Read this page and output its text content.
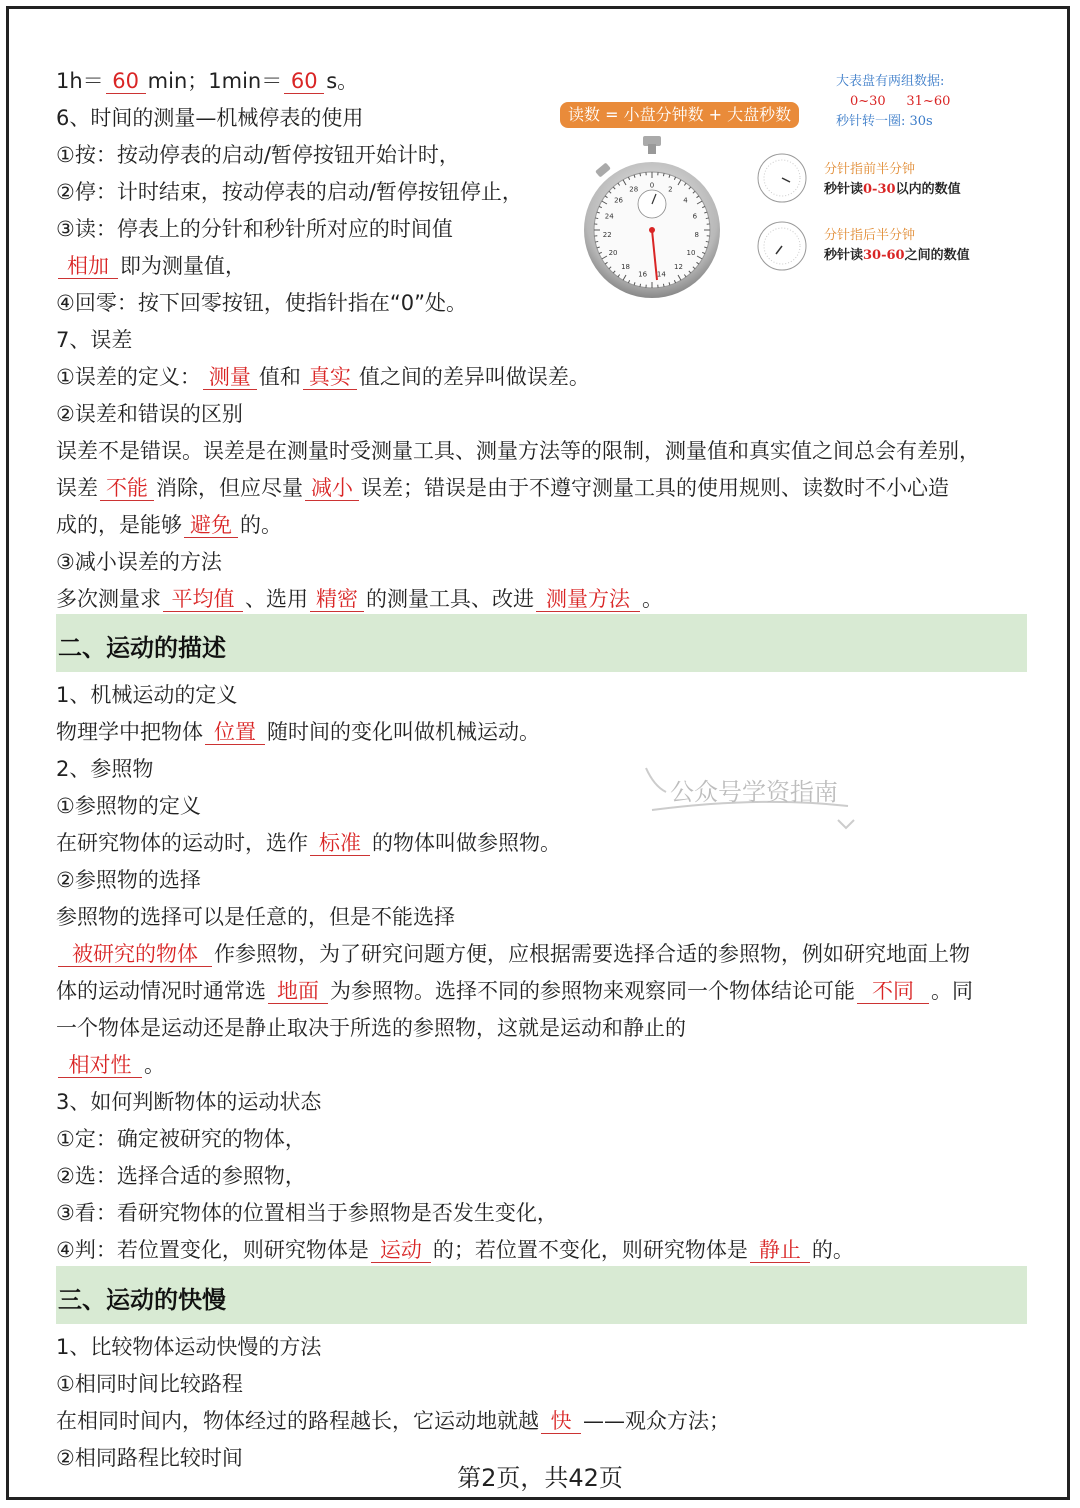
1h＝ 60 min；1min＝ 60 s。
6、时间的测量—机械停表的使用
①按：按动停表的启动/暂停按钮开始计时，
②停：计时结束，按动停表的启动/暂停按钮停止，
③读：停表上的分针和秒针所对应的时间值
相加 即为测量值，
④回零：按下回零按钮，使指针指在“0”处。
7、误差
①误差的定义： 测量 值和 真实 值之间的差异叫做误差。
②误差和错误的区别
误差不是错误。误差是在测量时受测量工具、测量方法等的限制，测量值和真实值之间总会有差别，
误差 不能 消除，但应尽量 减小 误差；错误是由于不遵守测量工具的使用规则、读数时不小心造
成的，是能够 避免 的。
③减小误差的方法
多次测量求 平均值 、选用 精密 的测量工具、改进 测量方法 。
1、机械运动的定义
物理学中把物体 位置 随时间的变化叫做机械运动。
2、参照物
①参照物的定义
在研究物体的运动时，选作 标准 的物体叫做参照物。
②参照物的选择
参照物的选择可以是任意的，但是不能选择
被研究的物体 作参照物，为了研究问题方便，应根据需要选择合适的参照物，例如研究地面上物
体的运动情况时通常选 地面 为参照物。选择不同的参照物来观察同一个物体结论可能 不同 。同
一个物体是运动还是静止取决于所选的参照物，这就是运动和静止的
相对性 。
3、如何判断物体的运动状态
①定：确定被研究的物体，
②选：选择合适的参照物，
③看：看研究物体的位置相当于参照物是否发生变化，
④判：若位置变化，则研究物体是 运动 的；若位置不变化，则研究物体是 静止 的。
1、比较物体运动快慢的方法
①相同时间比较路程
在相同时间内，物体经过的路程越长，它运动地就越 快 ——观众方法；
②相同路程比较时间
二、运动的描述
三、运动的快慢
读数 = 小盘分钟数 + 大盘秒数
0 2
4
6
8
10
12
14
16
18
20
22
24
26
28
大表盘有两组数据:
0~30 31~60
秒针转一圈: 30s
分针指前半分钟
秒针读0-30以内的数值
分针指后半分钟
秒针读30-60之间的数值
公众号学资指南
第2页，共42页
